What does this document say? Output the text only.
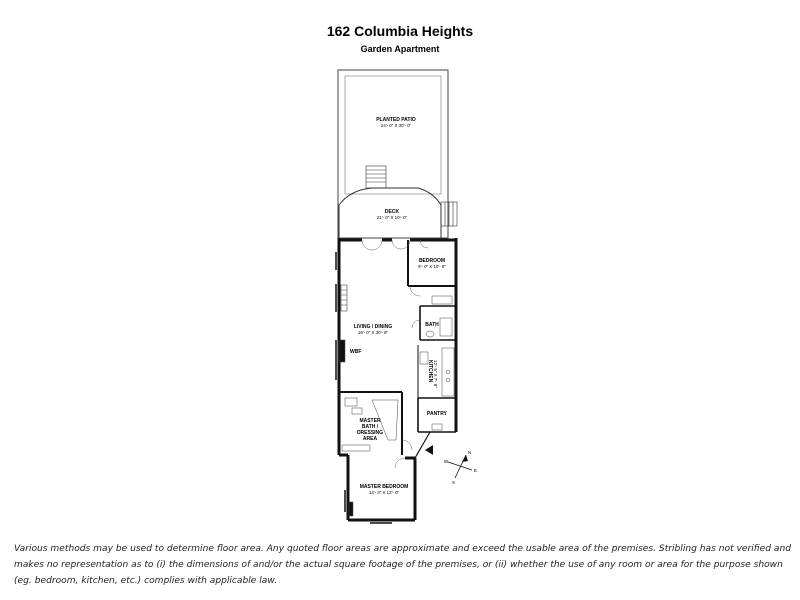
162 Columbia Heights
Garden Apartment
PLANTED PATIO
24'- 0" X 30'- 0"
DECK
21'- 0" X 10'- 0"
BEDROOM
9'- 0" X 10'- 9"
BATH
LIVING / DINING
16'- 0" X 30'- 8"
WBF
KITCHEN 12'- 5" X 7'- 8"
PANTRY
MASTER
BATH /
DRESSING
AREA
MASTER BEDROOM
14'- 3" X 12'- 0"
N
E
S
W
Various methods may be used to determine floor area. Any quoted floor areas are approximate and exceed the usable area of the premises. Stribling has not verified and makes no representation as to (i) the dimensions of and/or the actual square footage of the premises, or (ii) whether the use of any room or area for the purpose shown (eg. bedroom, kitchen, etc.) complies with applicable law.
